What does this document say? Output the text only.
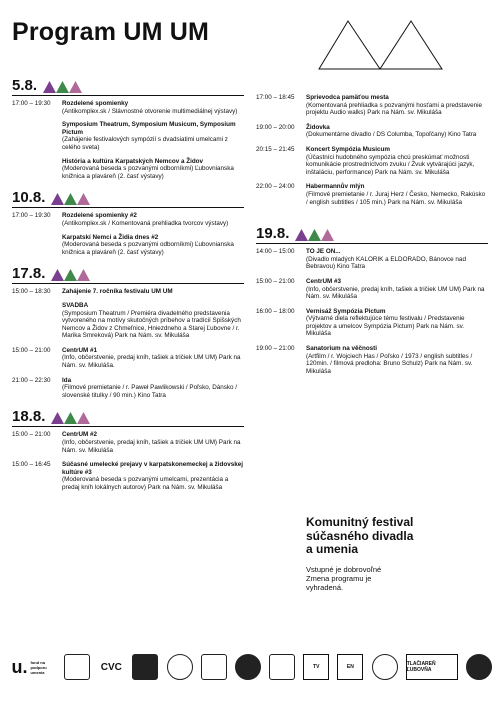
Program UM UM
5.8.
17:00 – 19:30	Rozdelené spomienky
(Antikomplex.sk / Slávnostné otvorenie multimediálnej výstavy)
Symposium Theatrum, Symposium Musicum, Symposium Pictum
(Zahájenie festivalových sympózií s dvadsiatimi umelcami z celého sveta)
História a kultúra Karpatských Nemcov a Židov
(Moderovaná beseda s pozvanými odborníkmi) Ľubovnianska knižnica a plaváreň (2. časť výstavy)
10.8.
17:00 – 19:30	Rozdelené spomienky #2
(Antikomplex.sk / Komentovaná prehliadka tvorcov výstavy)
Karpatskí Nemci a Židia dnes #2
(Moderovaná beseda s pozvanými odborníkmi) Ľubovnianska knižnica a plaváreň (2. časť výstavy)
17.8.
15:00 – 18:30	Zahájenie 7. ročníka festivalu UM UM
SVADBA
(Symposium Theatrum / Premiéra divadelného predstavenia vytvoreného na motívy skutočných príbehov a tradícií Spišských Nemcov a Židov z Chmeľnice, Hniezdneho a Starej Ľubovne / r. Marika Smreková) Park na Nám. sv. Mikuláša
15:00 – 21:00	CentrUM #1
(Info, občerstvenie, predaj kníh, tašiek a tričiek UM UM) Park na Nám. sv. Mikuláša.
21:00 – 22:30	Ida
(Filmové premietanie / r. Paweł Pawlikowski / Poľsko, Dánsko / slovenské titulky / 90 min.) Kino Tatra
18.8.
15:00 – 21:00	CentrUM #2
(Info, občerstvenie, predaj kníh, tašiek a tričiek UM UM) Park na Nám. sv. Mikuláša
15:00 – 16:45	Súčasné umelecké prejavy v karpatskonemeckej a židovskej kultúre #3
(Moderovaná beseda s pozvanými umelcami, prezentácia a predaj kníh lokálnych autorov) Park na Nám. sv. Mikuláša
17:00 – 18:45	Sprievodca pamäťou mesta
(Komentovaná prehliadka s pozvanými hosťami a predstavenie projektu Audio walks) Park na Nám. sv. Mikuláša
19:00 – 20:00	Židovka
(Dokumentárne divadlo / DS Columba, Topoľčany) Kino Tatra
20:15 – 21:45	Koncert Sympózia Musicum
(Účastníci hudobného sympózia chcú preskúmať možnosti komunikácie prostredníctvom zvuku / Zvuk vytvárajúci jazyk, inštaláciu, performance) Park na Nám. sv. Mikuláša
22:00 – 24:00	Habermannův mlýn
(Filmové premietanie / r. Juraj Herz / Česko, Nemecko, Rakúsko / english subtitles / 105 min.) Park na Nám. sv. Mikuláša
19.8.
14:00 – 15:00	TO JE ON...
(Divadlo mladých KALORIK a ELDORADO, Bánovce nad Bebravou) Kino Tatra
15:00 – 21:00	CentrUM #3
(Info, občerstvenie, predaj kníh, tašiek a tričiek UM UM) Park na Nám. sv. Mikuláša
16:00 – 18:00	Vernisáž Sympózia Pictum
(Výtvarné diela reflektujúce tému festivalu / Predstavenie projektov a umelcov Sympózia Pictum) Park na Nám. sv. Mikuláša
19:00 – 21:00	Sanatorium na věčnosti
(Artfilm / r. Wojciech Has / Poľsko / 1973 / english subtitles / 120min. / filmová predloha: Bruno Schulz) Park na Nám. sv. Mikuláša
Komunitný festival
súčasného divadla
a umenia

Vstupné je dobrovoľné
Zmena programu je
vyhradená.

u. fond na podporu umenia	CVC	TV	EN	TLAČIAREŇ ĽUBOVŇA
